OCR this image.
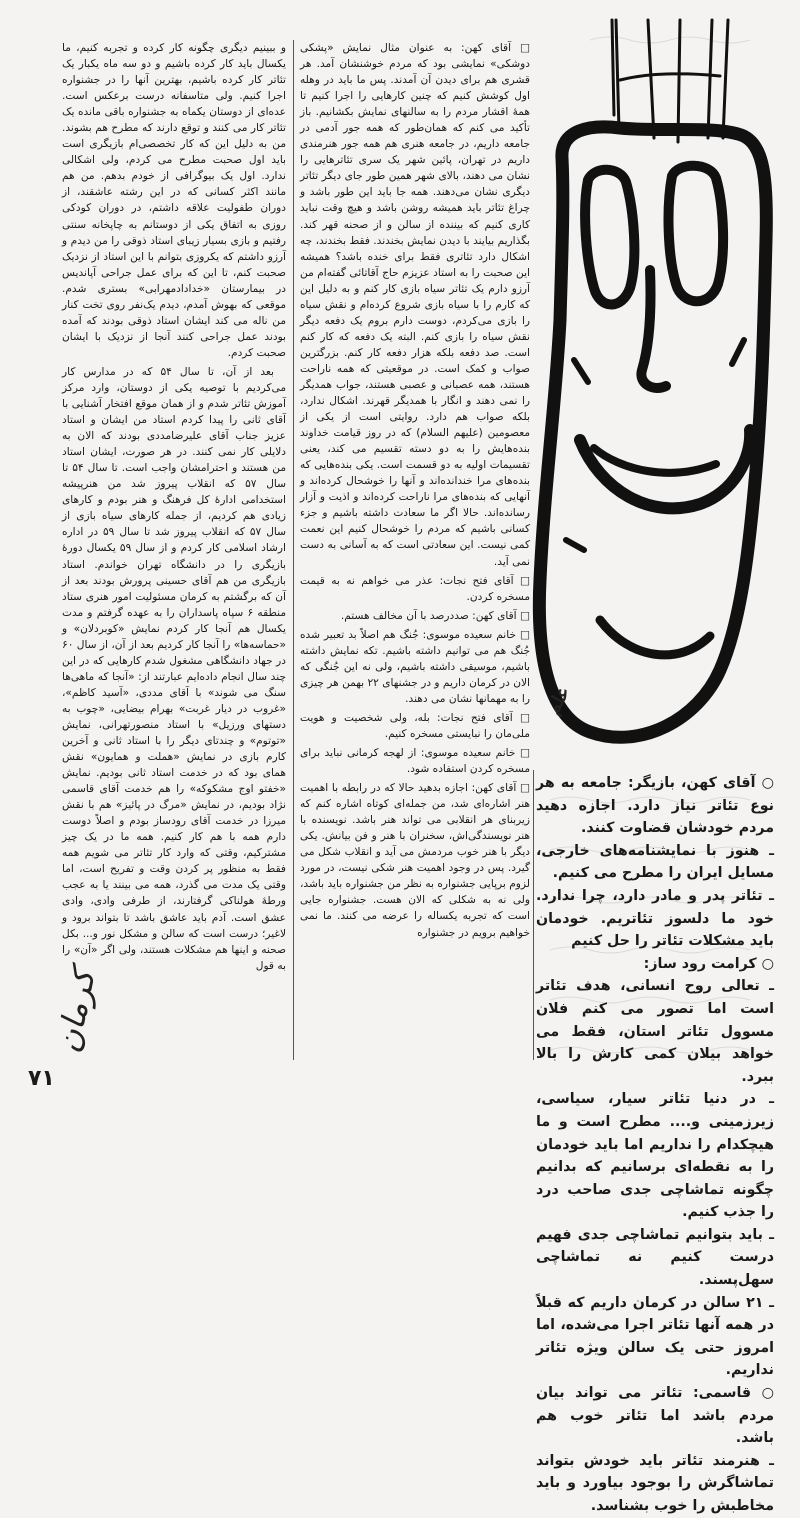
علم

○ آقای کهن، بازیگر: جامعه به هر نوع تئاتر نیاز دارد. اجازه دهید مردم خودشان قضاوت کنند.

ـ هنوز با نمایشنامه‌های خارجی، مسایل ایران را مطرح می کنیم.

ـ تئاتر پدر و مادر دارد، چرا ندارد. خود ما دلسوز تئاتریم. خودمان باید مشکلات تئاتر را حل کنیم

○ کرامت رود ساز:

ـ تعالی روح انسانی، هدف تئاتر است اما تصور می کنم فلان مسوول تئاتر استان، فقط می خواهد بیلان کمی کارش را بالا ببرد.

ـ در دنیا تئاتر سیار، سیاسی، زیرزمینی و.... مطرح است و ما هیچکدام را نداریم اما باید خودمان را به نقطه‌ای برسانیم که بدانیم چگونه تماشاچی جدی صاحب درد را جذب کنیم.

ـ باید بتوانیم تماشاچی جدی فهیم درست کنیم نه تماشاچی سهل‌پسند.

ـ ۲۱ سالن در کرمان داریم که قبلاً در همه آنها تئاتر اجرا می‌شده، اما امروز حتی یک سالن ویژه تئاتر نداریم.

○ قاسمی: تئاتر می تواند بیان مردم باشد اما تئاتر خوب هم باشد.

ـ هنرمند تئاتر باید خودش بتواند تماشاگرش را بوجود بیاورد و باید مخاطبش را خوب بشناسد.

□ آقای کهن: به عنوان مثال نمایش «پشکی دوشکی» نمایشی بود که مردم خوشنشان آمد. هر قشری هم برای دیدن آن آمدند. پس ما باید در وهله اول کوشش کنیم که چنین کارهایی را اجرا کنیم تا همهٔ اقشار مردم را به سالنهای نمایش بکشانیم. باز تأکید می کنم که همان‌طور که همه جور آدمی در جامعه داریم، در جامعه هنری هم همه جور هنرمندی داریم در تهران، پائین شهر یک سری تئاترهایی را نشان می دهند، بالای شهر همین طور جای دیگر تئاتر دیگری نشان می‌دهند. همه جا باید این طور باشد و چراغ تئاتر باید همیشه روشن باشد و هیچ وقت نباید کاری کنیم که بیننده از سالن و از صحنه قهر کند. بگذاریم بیایند با دیدن نمایش بخندند. فقط بخندند، چه اشکال دارد تئاتری فقط برای خنده باشد؟ همیشه این صحبت را به استاد عزیزم حاج آقاتائی گفته‌ام من آرزو دارم یک تئاتر سیاه بازی کار کنم و به دلیل این که کارم را با سیاه بازی شروع کرده‌ام و نقش سیاه را بازی می‌کردم، دوست دارم بروم یک دفعه دیگر نقش سیاه را بازی کنم. البته یک دفعه که کار کنم است. صد دفعه بلکه هزار دفعه کار کنم. بزرگترین صواب و کمک است. در موقعیتی که همه ناراحت هستند، همه عصبانی و عصبی هستند، جواب همدیگر را نمی دهند و انگار با همدیگر قهرند. اشکال ندارد، بلکه صواب هم دارد. روایتی است از یکی از معصومین (علیهم السلام) که در روز قیامت خداوند بنده‌هایش را به دو دسته تقسیم می کند، یعنی تقسیمات اولیه به دو قسمت است. یکی بنده‌هایی که بنده‌های مرا خندانده‌اند و آنها را خوشحال کرده‌اند و آنهایی که بنده‌های مرا ناراحت کرده‌اند و اذیت و آزار رسانده‌اند. حالا اگر ما سعادت داشته باشیم و جزء کسانی باشیم که مردم را خوشحال کنیم این نعمت کمی نیست. این سعادتی است که به آسانی به دست نمی آید.

□ آقای فتح نجات: عذر می خواهم نه به قیمت مسخره کردن.

□ آقای کهن: صددرصد با آن مخالف هستم.

□ خانم سعیده موسوی: جُنگ هم اصلاً بد تعبیر شده جُنگ هم می توانیم داشته باشیم. تکه نمایش داشته باشیم، موسیقی داشته باشیم، ولی نه این جُنگی که الان در کرمان داریم و در جشنهای ۲۲ بهمن هر چیزی را به مهمانها نشان می دهند.

□ آقای فتح نجات: بله، ولی شخصیت و هویت ملی‌مان را نبایستی مسخره کنیم.

□ خانم سعیده موسوی: از لهجه کرمانی نباید برای مسخره کردن استفاده شود.

□ آقای کهن: اجازه بدهید حالا که در رابطه با اهمیت هنر اشاره‌ای شد، من جمله‌ای کوتاه اشاره کنم که زیربنای هر انقلابی می تواند هنر باشد. نویسنده با هنر نویسندگی‌اش، سخنران با هنر و فن بیانش. یکی دیگر با هنر خوب مردمش می آید و انقلاب شکل می گیرد. پس در وجود اهمیت هنر شکی نیست، در مورد لزوم برپایی جشنواره به نظر من جشنواره باید باشد، ولی نه به شکلی که الان هست. جشنواره جایی است که تجربه یکساله را عرضه می کنند. ما نمی خواهیم برویم در جشنواره

و ببینیم دیگری چگونه کار کرده و تجربه کنیم، ما یکسال باید کار کرده باشیم و دو سه ماه یکبار یک تئاتر کار کرده باشیم، بهترین آنها را در جشنواره اجرا کنیم. ولی متاسفانه درست برعکس است. عده‌ای از دوستان یکماه به جشنواره باقی مانده یک تئاتر کار می کنند و توقع دارند که مطرح هم بشوند. من به دلیل این که کار تخصصی‌ام بازیگری است باید اول صحبت مطرح می کردم، ولی اشکالی ندارد. اول یک بیوگرافی از خودم بدهم. من هم مانند اکثر کسانی که در این رشته عاشقند، از دوران طفولیت علاقه داشتم، در دوران کودکی روزی به اتفاق یکی از دوستانم به چاپخانه سنتی رفتیم و بازی بسیار زیبای استاد ذوقی را من دیدم و آرزو داشتم که یکروزی بتوانم با این استاد از نزدیک صحبت کنم، تا این که برای عمل جراحی آپاندیس در بیمارستان «خداداد‌مهرابی» بستری شدم. موقعی که بهوش آمدم، دیدم یک‌نفر روی تخت کنار من ناله می کند ایشان استاد ذوقی بودند که آمده بودند عمل جراحی کنند آنجا از نزدیک با ایشان صحبت کردم.

بعد از آن، تا سال ۵۴ که در مدارس کار می‌کردیم با توصیه یکی از دوستان، وارد مرکز آموزش تئاتر شدم و از همان موقع افتخار آشنایی با آقای ثانی را پیدا کردم استاد من ایشان و استاد عزیز جناب آقای علیرضامددی بودند که الان به دلایلی کار نمی کنند. در هر صورت، ایشان استاد من هستند و احترامشان واجب است. تا سال ۵۴ تا سال ۵۷ که انقلاب پیروز شد من هنرپیشه استخدامی ادارهٔ کل فرهنگ و هنر بودم و کارهای زیادی هم کردیم، از جمله کارهای سیاه بازی از سال ۵۷ که انقلاب پیروز شد تا سال ۵۹ در اداره ارشاد اسلامی کار کردم و از سال ۵۹ یکسال دورهٔ بازیگری را در دانشگاه تهران خواندم. استاد بازیگری من هم آقای حسینی پرورش بودند بعد از آن که برگشتم به کرمان مسئولیت امور هنری ستاد منطقه ۶ سپاه پاسداران را به عهده گرفتم و مدت یکسال هم آنجا کار کردم نمایش «کوبردلان» و «حماسه‌ها» را آنجا کار کردیم بعد از آن، از سال ۶۰ در جهاد دانشگاهی مشغول شدم کارهایی که در این چند سال انجام داده‌ایم عبارتند از: «آنجا که ماهی‌ها سنگ می شوند» با آقای مددی، «آسید کاظم»، «غروب در دیار غربت» بهرام بیضایی، «چوب به دستهای ورزیل» با استاد منصورتهرانی، نمایش «توتوم» و چندتای دیگر را با استاد ثانی و آخرین کارم بازی در نمایش «هملت و همایون» نقش همای بود که در خدمت استاد ثانی بودیم. نمایش «خفتو اوج مشکوکه» را هم خدمت آقای قاسمی نژاد بودیم، در نمایش «مرگ در پائیز» هم با نقش میرزا در خدمت آقای رودساز بودم و اصلاً دوست دارم همه با هم کار کنیم. همه ما در یک چیز مشترکیم، وقتی که وارد کار تئاتر می شویم همه فقط به منظور پر کردن وقت و تفریح است، اما وقتی یک مدت می گذرد، همه می بینند یا به عجب ورطهٔ هولناکی گرفتارند، از طرفی وادی، وادی عشق است. آدم باید عاشق باشد تا بتواند برود و لاغیر؛ درست است که سالن و مشکل نور و... بکل صحنه و اینها هم مشکلات هستند، ولی اگر «آن» را به قول

کرمان
۷۱
